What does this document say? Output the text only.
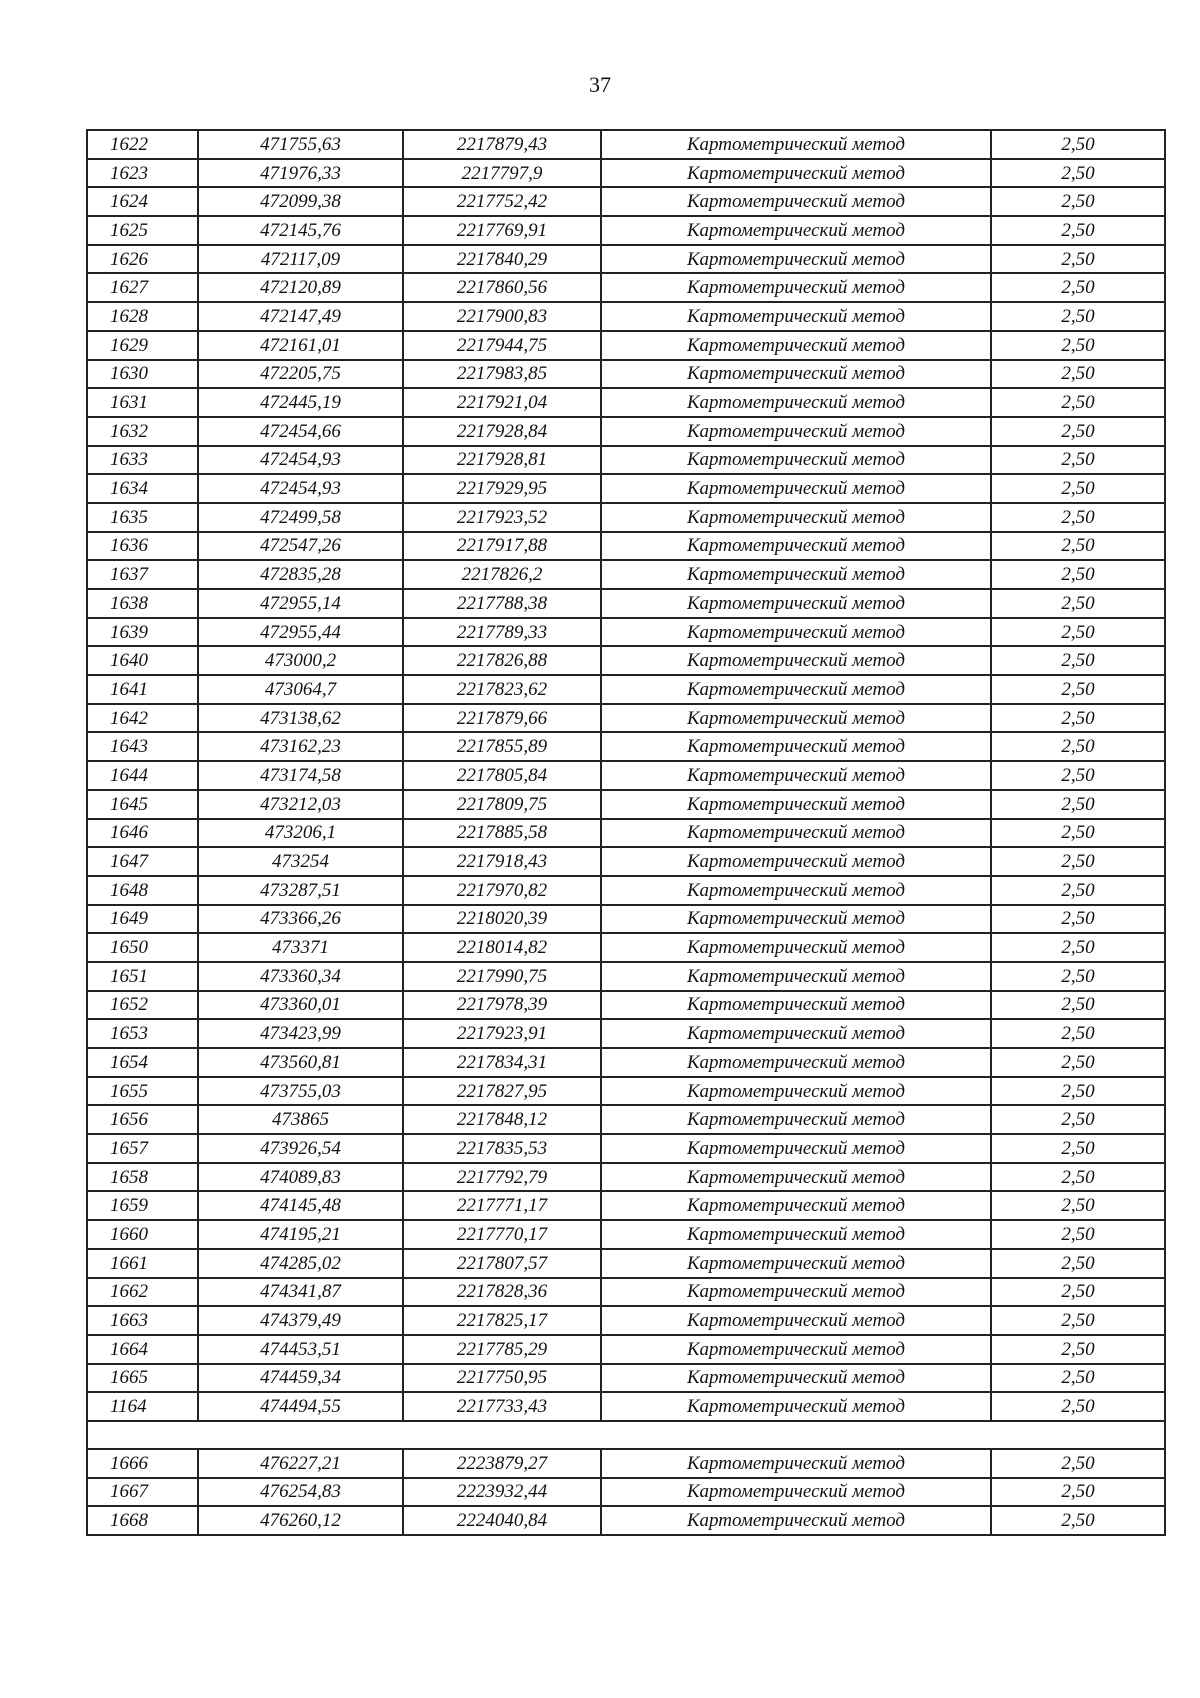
37
1622	471755,63	2217879,43	Картометрический метод	2,50
1623	471976,33	2217797,9	Картометрический метод	2,50
1624	472099,38	2217752,42	Картометрический метод	2,50
1625	472145,76	2217769,91	Картометрический метод	2,50
1626	472117,09	2217840,29	Картометрический метод	2,50
1627	472120,89	2217860,56	Картометрический метод	2,50
1628	472147,49	2217900,83	Картометрический метод	2,50
1629	472161,01	2217944,75	Картометрический метод	2,50
1630	472205,75	2217983,85	Картометрический метод	2,50
1631	472445,19	2217921,04	Картометрический метод	2,50
1632	472454,66	2217928,84	Картометрический метод	2,50
1633	472454,93	2217928,81	Картометрический метод	2,50
1634	472454,93	2217929,95	Картометрический метод	2,50
1635	472499,58	2217923,52	Картометрический метод	2,50
1636	472547,26	2217917,88	Картометрический метод	2,50
1637	472835,28	2217826,2	Картометрический метод	2,50
1638	472955,14	2217788,38	Картометрический метод	2,50
1639	472955,44	2217789,33	Картометрический метод	2,50
1640	473000,2	2217826,88	Картометрический метод	2,50
1641	473064,7	2217823,62	Картометрический метод	2,50
1642	473138,62	2217879,66	Картометрический метод	2,50
1643	473162,23	2217855,89	Картометрический метод	2,50
1644	473174,58	2217805,84	Картометрический метод	2,50
1645	473212,03	2217809,75	Картометрический метод	2,50
1646	473206,1	2217885,58	Картометрический метод	2,50
1647	473254	2217918,43	Картометрический метод	2,50
1648	473287,51	2217970,82	Картометрический метод	2,50
1649	473366,26	2218020,39	Картометрический метод	2,50
1650	473371	2218014,82	Картометрический метод	2,50
1651	473360,34	2217990,75	Картометрический метод	2,50
1652	473360,01	2217978,39	Картометрический метод	2,50
1653	473423,99	2217923,91	Картометрический метод	2,50
1654	473560,81	2217834,31	Картометрический метод	2,50
1655	473755,03	2217827,95	Картометрический метод	2,50
1656	473865	2217848,12	Картометрический метод	2,50
1657	473926,54	2217835,53	Картометрический метод	2,50
1658	474089,83	2217792,79	Картометрический метод	2,50
1659	474145,48	2217771,17	Картометрический метод	2,50
1660	474195,21	2217770,17	Картометрический метод	2,50
1661	474285,02	2217807,57	Картометрический метод	2,50
1662	474341,87	2217828,36	Картометрический метод	2,50
1663	474379,49	2217825,17	Картометрический метод	2,50
1664	474453,51	2217785,29	Картометрический метод	2,50
1665	474459,34	2217750,95	Картометрический метод	2,50
1164	474494,55	2217733,43	Картометрический метод	2,50

1666	476227,21	2223879,27	Картометрический метод	2,50
1667	476254,83	2223932,44	Картометрический метод	2,50
1668	476260,12	2224040,84	Картометрический метод	2,50
